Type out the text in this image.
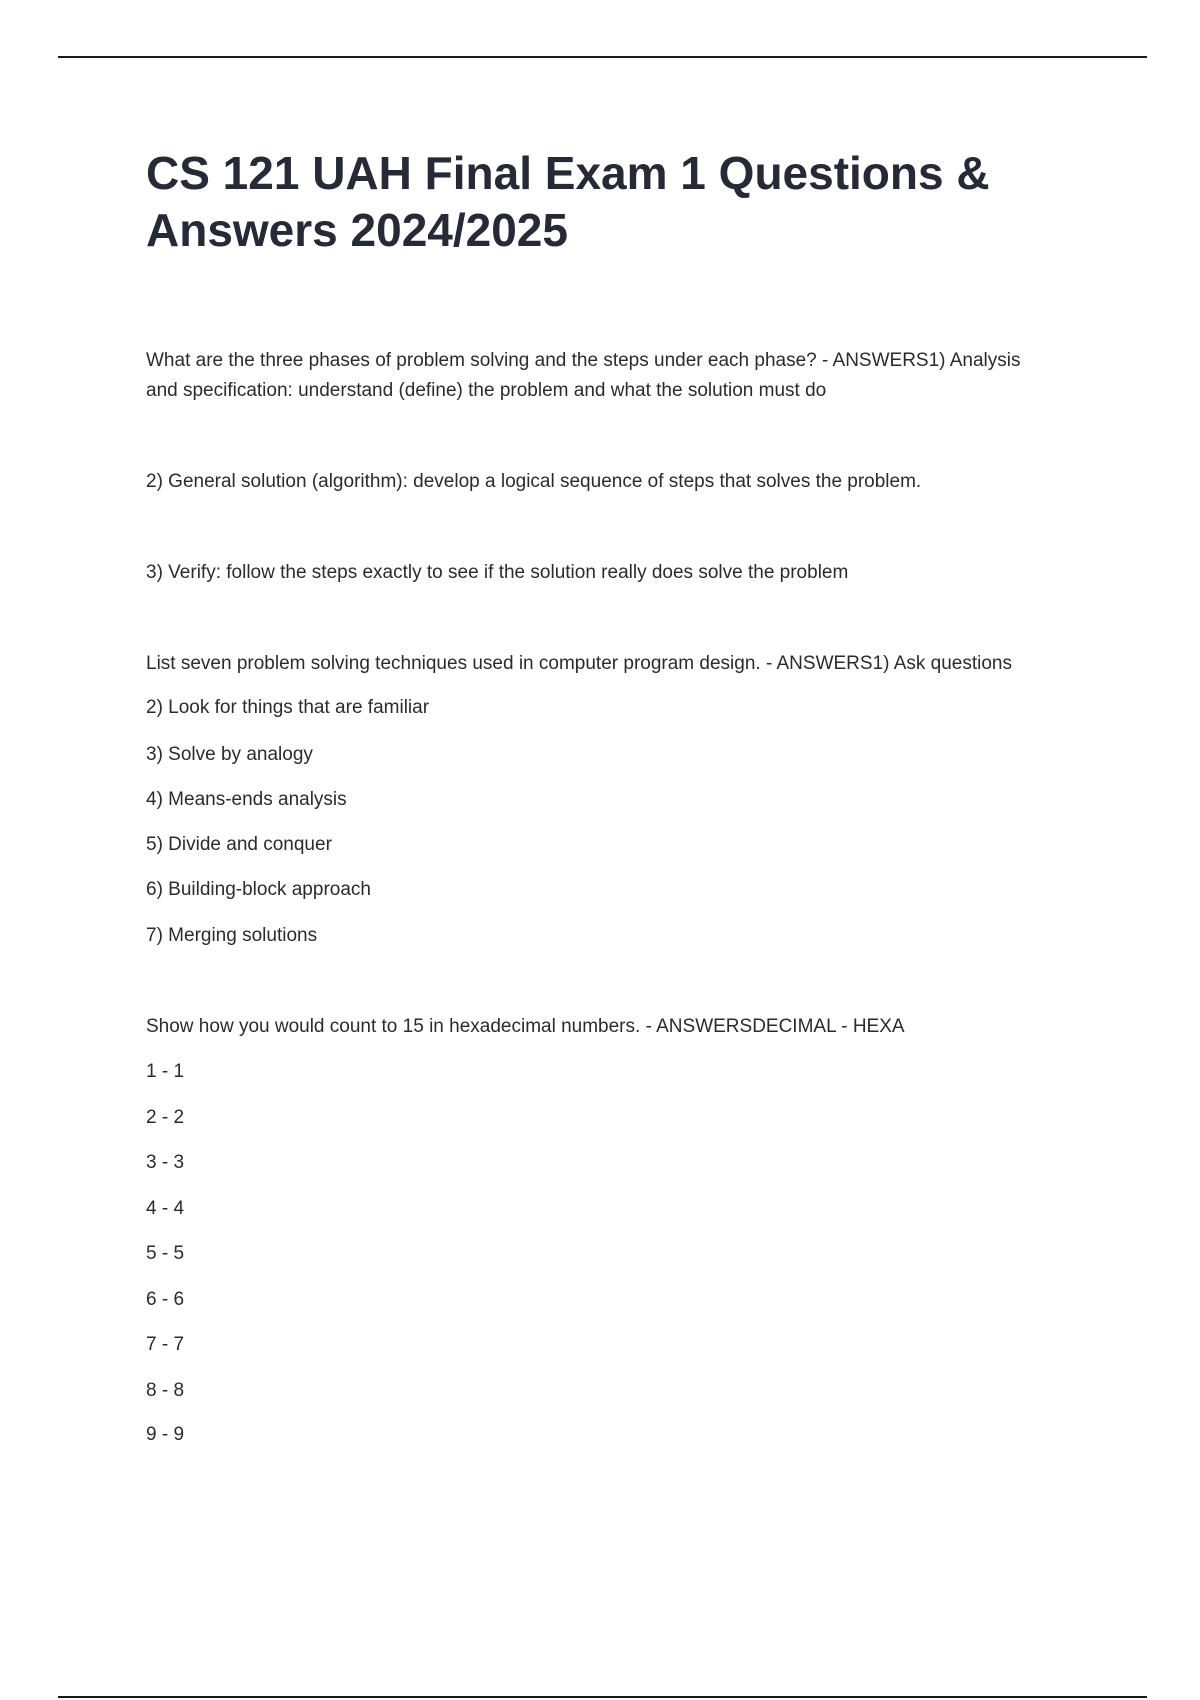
CS 121 UAH Final Exam 1 Questions & Answers 2024/2025
What are the three phases of problem solving and the steps under each phase? - ANSWERS1) Analysis
and specification: understand (define) the problem and what the solution must do
2) General solution (algorithm): develop a logical sequence of steps that solves the problem.
3) Verify: follow the steps exactly to see if the solution really does solve the problem
List seven problem solving techniques used in computer program design. - ANSWERS1) Ask questions
2) Look for things that are familiar
3) Solve by analogy
4) Means-ends analysis
5) Divide and conquer
6) Building-block approach
7) Merging solutions
Show how you would count to 15 in hexadecimal numbers. - ANSWERSDECIMAL - HEXA
1 - 1
2 - 2
3 - 3
4 - 4
5 - 5
6 - 6
7 - 7
8 - 8
9 - 9
